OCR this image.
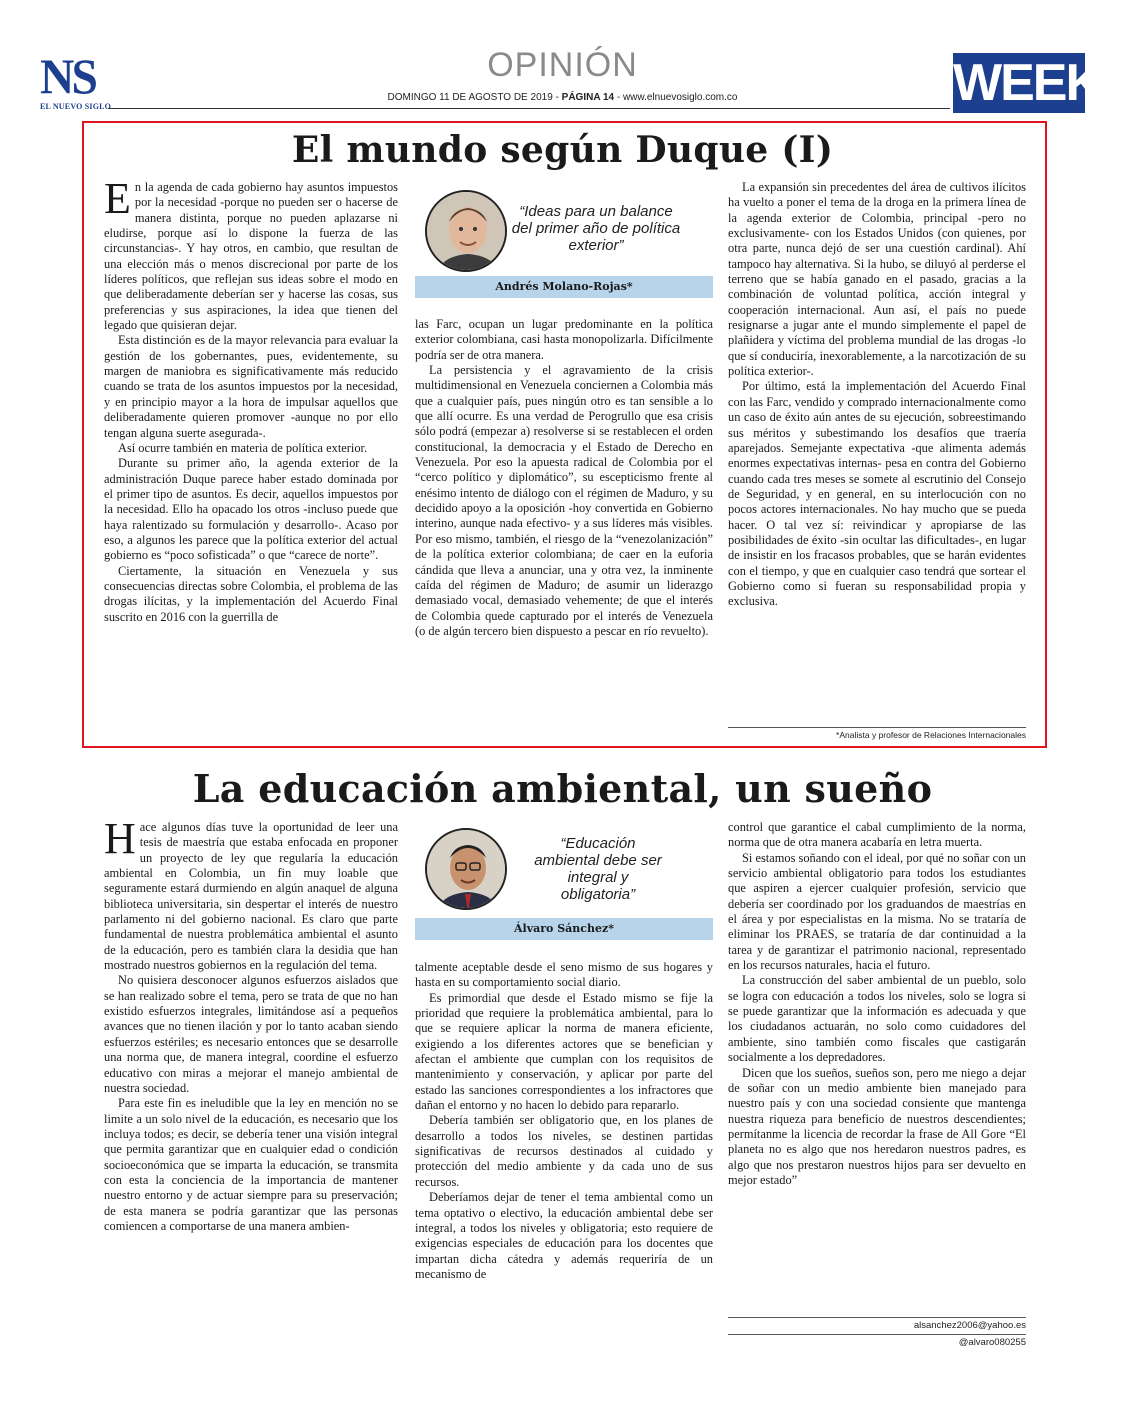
NS
EL NUEVO SIGLO
OPINIÓN
DOMINGO 11 DE AGOSTO DE 2019 - PÁGINA 14 - www.elnuevosiglo.com.co	WEEK
El mundo según Duque (I)

En la agenda de cada gobierno hay asuntos impuestos por la necesidad -porque no pueden ser o hacerse de manera distinta, porque no pueden aplazarse ni eludirse, porque así lo dispone la fuerza de las circunstancias-. Y hay otros, en cambio, que resultan de una elección más o menos discrecional por parte de los líderes políticos, que reflejan sus ideas sobre el modo en que deliberadamente deberían ser y hacerse las cosas, sus preferencias y sus aspiraciones, la idea que tienen del legado que quisieran dejar.

Esta distinción es de la mayor relevancia para evaluar la gestión de los gobernantes, pues, evidentemente, su margen de maniobra es significativamente más reducido cuando se trata de los asuntos impuestos por la necesidad, y en principio mayor a la hora de impulsar aquellos que deliberadamente quieren promover -aunque no por ello tengan alguna suerte asegurada-.

Así ocurre también en materia de política exterior.

Durante su primer año, la agenda exterior de la administración Duque parece haber estado dominada por el primer tipo de asuntos. Es decir, aquellos impuestos por la necesidad. Ello ha opacado los otros -incluso puede que haya ralentizado su formulación y desarrollo-. Acaso por eso, a algunos les parece que la política exterior del actual gobierno es “poco sofisticada” o que “carece de norte”.

Ciertamente, la situación en Venezuela y sus consecuencias directas sobre Colombia, el problema de las drogas ilícitas, y la implementación del Acuerdo Final suscrito en 2016 con la guerrilla de

“Ideas para un balance del primer año de política exterior”
Andrés Molano-Rojas*

las Farc, ocupan un lugar predominante en la política exterior colombiana, casi hasta monopolizarla. Difícilmente podría ser de otra manera.

La persistencia y el agravamiento de la crisis multidimensional en Venezuela conciernen a Colombia más que a cualquier país, pues ningún otro es tan sensible a lo que allí ocurre. Es una verdad de Perogrullo que esa crisis sólo podrá (empezar a) resolverse si se restablecen el orden constitucional, la democracia y el Estado de Derecho en Venezuela. Por eso la apuesta radical de Colombia por el “cerco político y diplomático”, su escepticismo frente al enésimo intento de diálogo con el régimen de Maduro, y su decidido apoyo a la oposición -hoy convertida en Gobierno interino, aunque nada efectivo- y a sus líderes más visibles. Por eso mismo, también, el riesgo de la “venezolanización” de la política exterior colombiana; de caer en la euforia cándida que lleva a anunciar, una y otra vez, la inminente caída del régimen de Maduro; de asumir un liderazgo demasiado vocal, demasiado vehemente; de que el interés de Colombia quede capturado por el interés de Venezuela (o de algún tercero bien dispuesto a pescar en río revuelto).

La expansión sin precedentes del área de cultivos ilícitos ha vuelto a poner el tema de la droga en la primera línea de la agenda exterior de Colombia, principal -pero no exclusivamente- con los Estados Unidos (con quienes, por otra parte, nunca dejó de ser una cuestión cardinal). Ahí tampoco hay alternativa. Si la hubo, se diluyó al perderse el terreno que se había ganado en el pasado, gracias a la combinación de voluntad política, acción integral y cooperación internacional. Aun así, el país no puede resignarse a jugar ante el mundo simplemente el papel de plañidera y víctima del problema mundial de las drogas -lo que sí conduciría, inexorablemente, a la narcotización de su política exterior-.

Por último, está la implementación del Acuerdo Final con las Farc, vendido y comprado internacionalmente como un caso de éxito aún antes de su ejecución, sobreestimando sus méritos y subestimando los desafíos que traería aparejados. Semejante expectativa -que alimenta además enormes expectativas internas- pesa en contra del Gobierno cuando cada tres meses se somete al escrutinio del Consejo de Seguridad, y en general, en su interlocución con no pocos actores internacionales. No hay mucho que se pueda hacer. O tal vez sí: reivindicar y apropiarse de las posibilidades de éxito -sin ocultar las dificultades-, en lugar de insistir en los fracasos probables, que se harán evidentes con el tiempo, y que en cualquier caso tendrá que sortear el Gobierno como si fueran su responsabilidad propia y exclusiva.

*Analista y profesor de Relaciones Internacionales
La educación ambiental, un sueño

Hace algunos días tuve la oportunidad de leer una tesis de maestría que estaba enfocada en proponer un proyecto de ley que regularía la educación ambiental en Colombia, un fin muy loable que seguramente estará durmiendo en algún anaquel de alguna biblioteca universitaria, sin despertar el interés de nuestro parlamento ni del gobierno nacional. Es claro que parte fundamental de nuestra problemática ambiental el asunto de la educación, pero es también clara la desidia que han mostrado nuestros gobiernos en la regulación del tema.

No quisiera desconocer algunos esfuerzos aislados que se han realizado sobre el tema, pero se trata de que no han existido esfuerzos integrales, limitándose así a pequeños avances que no tienen ilación y por lo tanto acaban siendo esfuerzos estériles; es necesario entonces que se desarrolle una norma que, de manera integral, coordine el esfuerzo educativo con miras a mejorar el manejo ambiental de nuestra sociedad.

Para este fin es ineludible que la ley en mención no se limite a un solo nivel de la educación, es necesario que los incluya todos; es decir, se debería tener una visión integral que permita garantizar que en cualquier edad o condición socioeconómica que se imparta la educación, se transmita con esta la conciencia de la importancia de mantener nuestro entorno y de actuar siempre para su preservación; de esta manera se podría garantizar que las personas comiencen a comportarse de una manera ambien-

“Educación ambiental debe ser integral y obligatoria”
Álvaro Sánchez*

talmente aceptable desde el seno mismo de sus hogares y hasta en su comportamiento social diario.

Es primordial que desde el Estado mismo se fije la prioridad que requiere la problemática ambiental, para lo que se requiere aplicar la norma de manera eficiente, exigiendo a los diferentes actores que se benefician y afectan el ambiente que cumplan con los requisitos de mantenimiento y conservación, y aplicar por parte del estado las sanciones correspondientes a los infractores que dañan el entorno y no hacen lo debido para repararlo.

Debería también ser obligatorio que, en los planes de desarrollo a todos los niveles, se destinen partidas significativas de recursos destinados al cuidado y protección del medio ambiente y da cada uno de sus recursos.

Deberíamos dejar de tener el tema ambiental como un tema optativo o electivo, la educación ambiental debe ser integral, a todos los niveles y obligatoria; esto requiere de exigencias especiales de educación para los docentes que impartan dicha cátedra y además requeriría de un mecanismo de

control que garantice el cabal cumplimiento de la norma, norma que de otra manera acabaría en letra muerta.

Si estamos soñando con el ideal, por qué no soñar con un servicio ambiental obligatorio para todos los estudiantes que aspiren a ejercer cualquier profesión, servicio que debería ser coordinado por los graduandos de maestrías en el área y por especialistas en la misma. No se trataría de eliminar los PRAES, se trataría de dar continuidad a la tarea y de garantizar el patrimonio nacional, representado en los recursos naturales, hacia el futuro.

La construcción del saber ambiental de un pueblo, solo se logra con educación a todos los niveles, solo se logra si se puede garantizar que la información es adecuada y que los ciudadanos actuarán, no solo como cuidadores del ambiente, sino también como fiscales que castigarán socialmente a los depredadores.

Dicen que los sueños, sueños son, pero me niego a dejar de soñar con un medio ambiente bien manejado para nuestro país y con una sociedad consiente que mantenga nuestra riqueza para beneficio de nuestros descendientes; permítanme la licencia de recordar la frase de All Gore “El planeta no es algo que nos heredaron nuestros padres, es algo que nos prestaron nuestros hijos para ser devuelto en mejor estado”

alsanchez2006@yahoo.es
@alvaro080255
